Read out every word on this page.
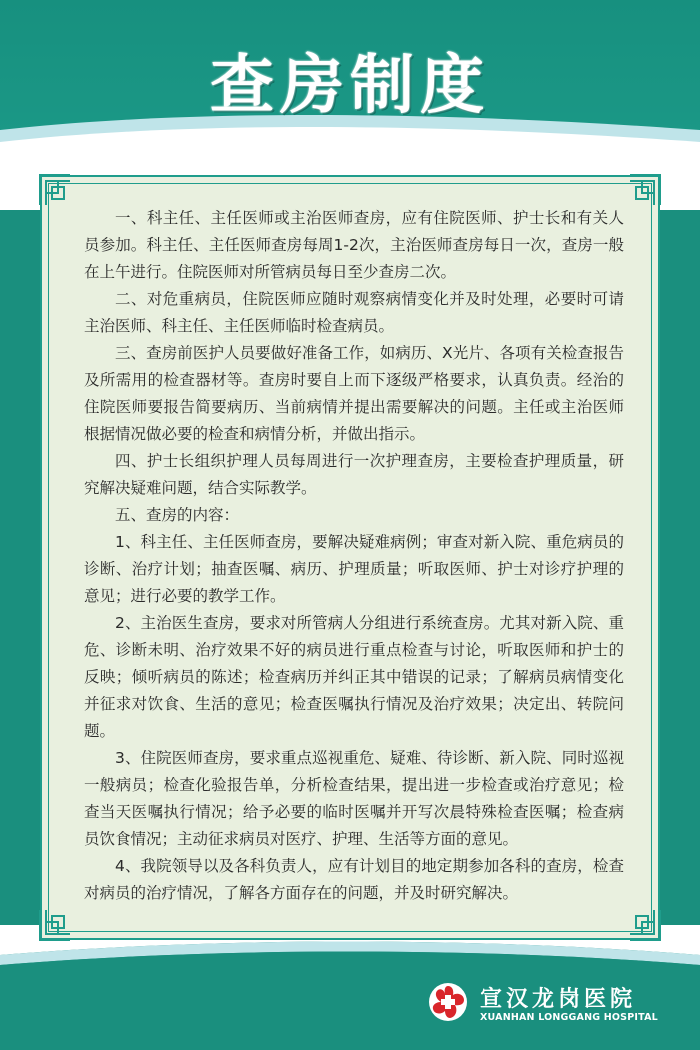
查房制度

一、科主任、主任医师或主治医师查房，应有住院医师、护士长和有关人员参加。科主任、主任医师查房每周1-2次，主治医师查房每日一次，查房一般在上午进行。住院医师对所管病员每日至少查房二次。

二、对危重病员，住院医师应随时观察病情变化并及时处理，必要时可请主治医师、科主任、主任医师临时检查病员。

三、查房前医护人员要做好准备工作，如病历、X光片、各项有关检查报告及所需用的检查器材等。查房时要自上而下逐级严格要求，认真负责。经治的住院医师要报告简要病历、当前病情并提出需要解决的问题。主任或主治医师根据情况做必要的检查和病情分析，并做出指示。

四、护士长组织护理人员每周进行一次护理查房，主要检查护理质量，研究解决疑难问题，结合实际教学。

五、查房的内容：

1、科主任、主任医师查房，要解决疑难病例；审查对新入院、重危病员的诊断、治疗计划；抽查医嘱、病历、护理质量；听取医师、护士对诊疗护理的意见；进行必要的教学工作。

2、主治医生查房，要求对所管病人分组进行系统查房。尤其对新入院、重危、诊断未明、治疗效果不好的病员进行重点检查与讨论，听取医师和护士的反映；倾听病员的陈述；检查病历并纠正其中错误的记录；了解病员病情变化并征求对饮食、生活的意见；检查医嘱执行情况及治疗效果；决定出、转院问题。

3、住院医师查房，要求重点巡视重危、疑难、待诊断、新入院、同时巡视一般病员；检查化验报告单，分析检查结果，提出进一步检查或治疗意见；检查当天医嘱执行情况；给予必要的临时医嘱并开写次晨特殊检查医嘱；检查病员饮食情况；主动征求病员对医疗、护理、生活等方面的意见。

4、我院领导以及各科负责人，应有计划目的地定期参加各科的查房，检查对病员的治疗情况，了解各方面存在的问题，并及时研究解决。

宣汉龙岗医院
XUANHAN LONGGANG HOSPITAL
